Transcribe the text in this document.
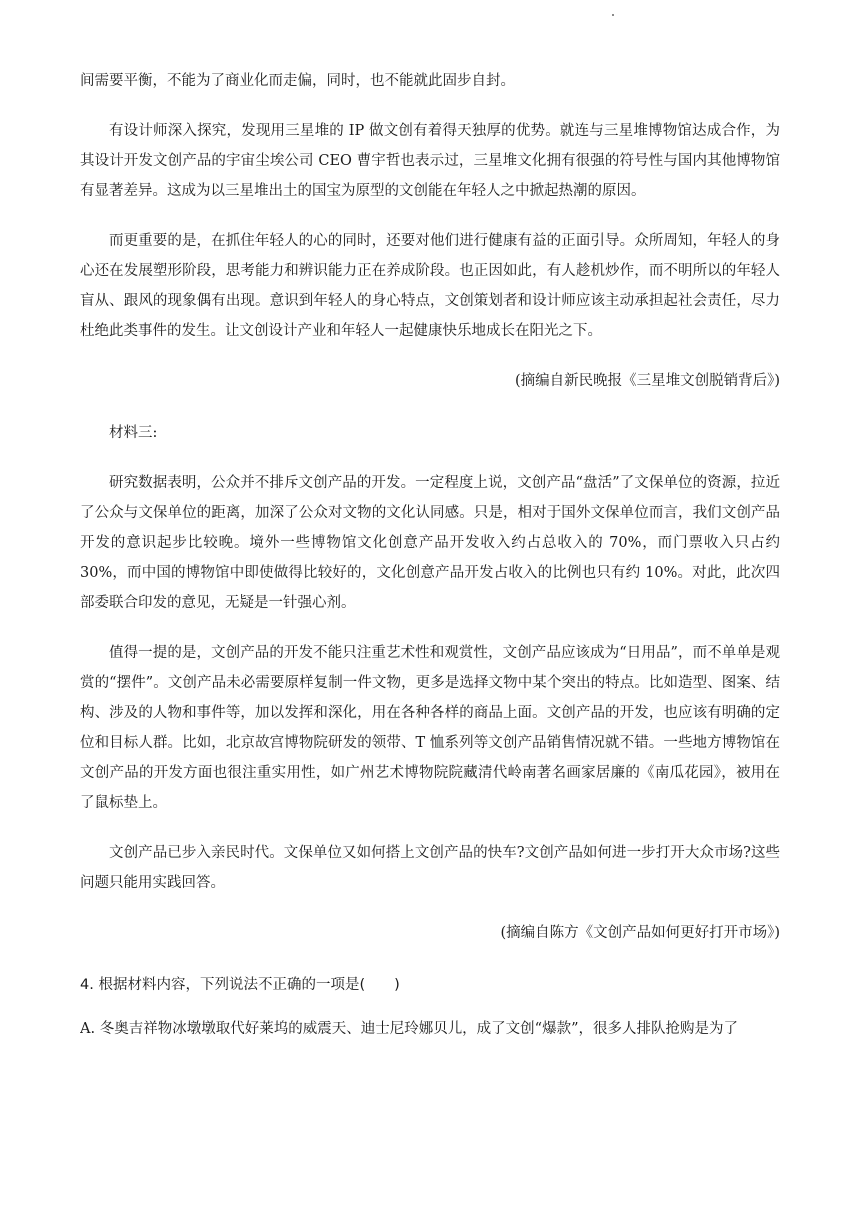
间需要平衡，不能为了商业化而走偏，同时，也不能就此固步自封。

有设计师深入探究，发现用三星堆的 IP 做文创有着得天独厚的优势。就连与三星堆博物馆达成合作，为其设计开发文创产品的宇宙尘埃公司 CEO 曹宇哲也表示过，三星堆文化拥有很强的符号性与国内其他博物馆有显著差异。这成为以三星堆出土的国宝为原型的文创能在年轻人之中掀起热潮的原因。

而更重要的是，在抓住年轻人的心的同时，还要对他们进行健康有益的正面引导。众所周知，年轻人的身心还在发展塑形阶段，思考能力和辨识能力正在养成阶段。也正因如此，有人趁机炒作，而不明所以的年轻人盲从、跟风的现象偶有出现。意识到年轻人的身心特点，文创策划者和设计师应该主动承担起社会责任，尽力杜绝此类事件的发生。让文创设计产业和年轻人一起健康快乐地成长在阳光之下。

(摘编自新民晚报《三星堆文创脱销背后》)

材料三:

研究数据表明，公众并不排斥文创产品的开发。一定程度上说，文创产品“盘活”了文保单位的资源，拉近了公众与文保单位的距离，加深了公众对文物的文化认同感。只是，相对于国外文保单位而言，我们文创产品开发的意识起步比较晚。境外一些博物馆文化创意产品开发收入约占总收入的 70%，而门票收入只占约 30%，而中国的博物馆中即使做得比较好的，文化创意产品开发占收入的比例也只有约 10%。对此，此次四部委联合印发的意见，无疑是一针强心剂。

值得一提的是，文创产品的开发不能只注重艺术性和观赏性，文创产品应该成为“日用品”，而不单单是观赏的“摆件”。文创产品未必需要原样复制一件文物，更多是选择文物中某个突出的特点。比如造型、图案、结构、涉及的人物和事件等，加以发挥和深化，用在各种各样的商品上面。文创产品的开发，也应该有明确的定位和目标人群。比如，北京故宫博物院研发的领带、T 恤系列等文创产品销售情况就不错。一些地方博物馆在文创产品的开发方面也很注重实用性，如广州艺术博物院院藏清代岭南著名画家居廉的《南瓜花园》，被用在了鼠标垫上。

文创产品已步入亲民时代。文保单位又如何搭上文创产品的快车?文创产品如何进一步打开大众市场?这些问题只能用实践回答。

(摘编自陈方《文创产品如何更好打开市场》)

4. 根据材料内容，下列说法不正确的一项是(　　)

A. 冬奥吉祥物冰墩墩取代好莱坞的威震天、迪士尼玲娜贝儿，成了文创“爆款”，很多人排队抢购是为了
